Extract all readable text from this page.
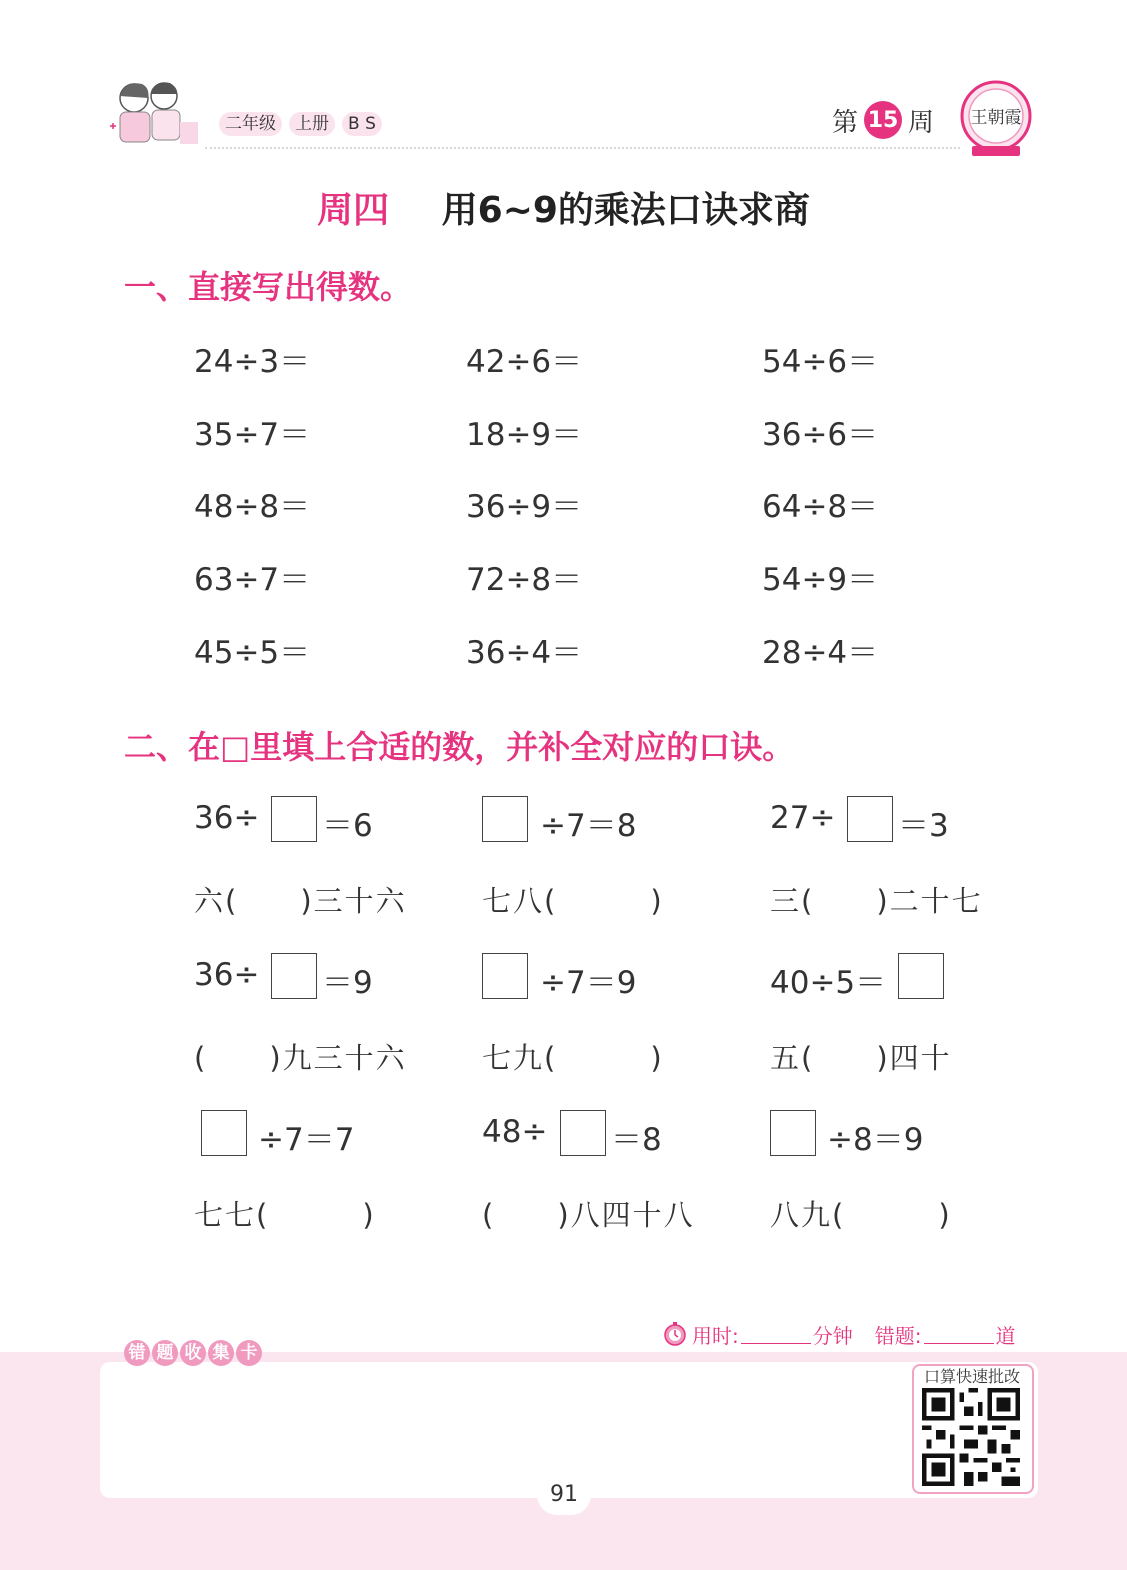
二年级	上册	B S	第 15 周 王朝霞
周四 用6~9的乘法口诀求商
一、直接写出得数。
24÷3＝	42÷6＝	54÷6＝
35÷7＝	18÷9＝	36÷6＝
48÷8＝	36÷9＝	64÷8＝
63÷7＝	72÷8＝	54÷9＝
45÷5＝	36÷4＝	28÷4＝
二、在□里填上合适的数，并补全对应的口诀。
36÷ ＝6	÷7＝8	27÷ ＝3
六(　　)三十六	七八(　　　)	三(　　)二十七
36÷ ＝9	÷7＝9	40÷5＝
(　　)九三十六	七九(　　　)	五(　　)四十
÷7＝7	48÷ ＝8	÷8＝9
七七(　　　)	(　　)八四十八	八九(　　　)
用时:	分钟 错题:	道
错 题 收 集 卡
口算快速批改
91
